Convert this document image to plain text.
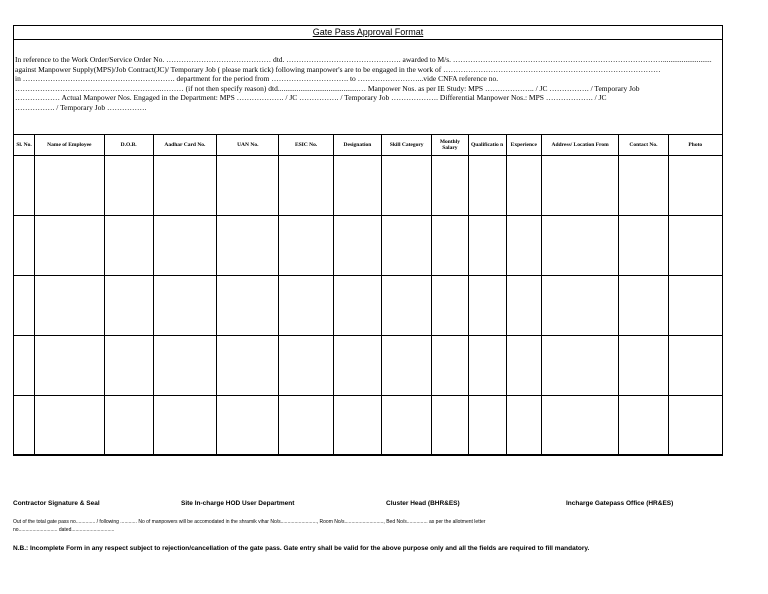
Gate Pass Approval Format
In reference to the Work Order/Service Order No. …………………………………… dtd. ………………………………………. awarded to M/s. …………………………………………………………………………..........................
against Manpower Supply(MPS)/Job Contract(JC)/ Temporary Job ( please mark tick) following manpower's are to be engaged in the work of ……………………………………………………………………………
in ……………………………………………………. department for the period from …………………………. to ……………………...vide CNFA reference no.
…………………………………………………..……… (if not then specify reason) dtd...........................................… Manpower Nos. as per IE Study: MPS ……………….. / JC ……………. / Temporary Job
……………… Actual Manpower Nos. Engaged in the Department: MPS ………………. / JC ……………. / Temporary Job ………………. Differential Manpower Nos.: MPS ………………. / JC
……………. / Temporary Job …………….
Sl. No.	Name of Employee	D.O.B.	Aadhar Card No.	UAN No.	ESIC No.	Designation	Skill Category	Monthly Salary	Qualificatio n	Experience	Address/ Location From	Contact No.	Photo

Contractor Signature & Seal	Site In-charge HOD User Department	Cluster Head (BHR&ES)	Incharge Gatepass Office (HR&ES)
Out of the total gate pass no.............. / following ............ No of manpowers will be accomodated in the shramik vihar No/s.........................., Room No/s............................, Bed No/s............... as per the allotment letter
no............................ dated...............................
N.B.: Incomplete Form in any respect subject to rejection/cancellation of the gate pass. Gate entry shall be valid for the above purpose only and all the fields are required to fill mandatory.
